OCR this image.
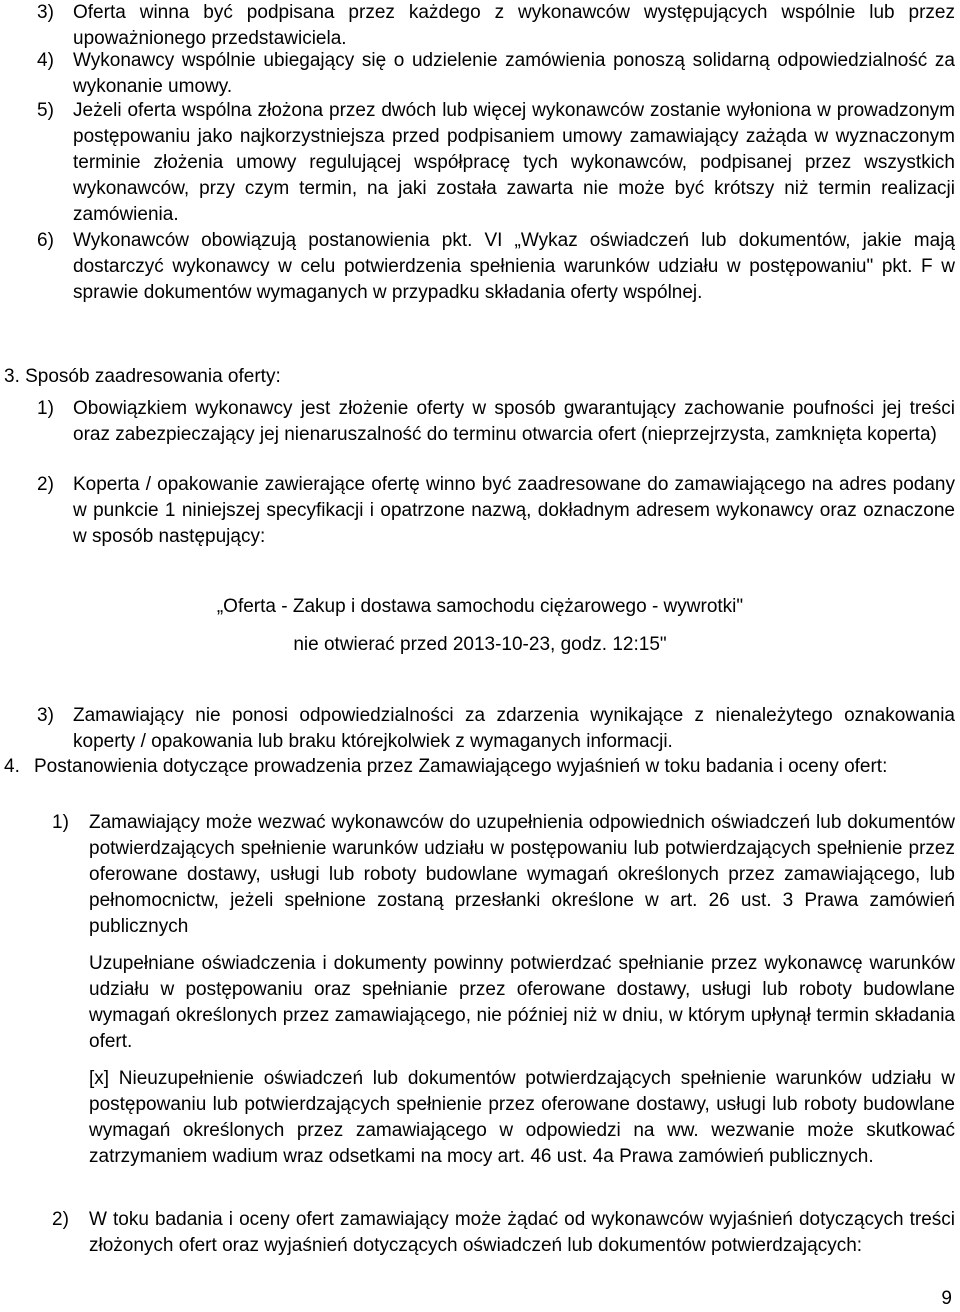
3)	Oferta winna być podpisana przez każdego z wykonawców występujących wspólnie lub przez upoważnionego przedstawiciela.
4)	Wykonawcy wspólnie ubiegający się o udzielenie zamówienia ponoszą solidarną odpowiedzialność za wykonanie umowy.
5)	Jeżeli oferta wspólna złożona przez dwóch lub więcej wykonawców zostanie wyłoniona w prowadzonym postępowaniu jako najkorzystniejsza przed podpisaniem umowy zamawiający zażąda w wyznaczonym terminie złożenia umowy regulującej współpracę tych wykonawców, podpisanej przez wszystkich wykonawców, przy czym termin, na jaki została zawarta nie może być krótszy niż termin realizacji zamówienia.
6)	Wykonawców obowiązują postanowienia pkt. VI „Wykaz oświadczeń lub dokumentów, jakie mają dostarczyć wykonawcy w celu potwierdzenia spełnienia warunków udziału w postępowaniu" pkt. F w sprawie dokumentów wymaganych w przypadku składania oferty wspólnej.
3. Sposób zaadresowania oferty:
1)	Obowiązkiem wykonawcy jest złożenie oferty w sposób gwarantujący zachowanie poufności jej treści oraz zabezpieczający jej nienaruszalność do terminu otwarcia ofert (nieprzejrzysta, zamknięta koperta)
2)	Koperta / opakowanie zawierające ofertę winno być zaadresowane do zamawiającego na adres podany w punkcie 1 niniejszej specyfikacji i opatrzone nazwą, dokładnym adresem wykonawcy oraz oznaczone w sposób następujący:
„Oferta - Zakup i dostawa samochodu ciężarowego - wywrotki"
nie otwierać przed 2013-10-23, godz. 12:15"
3)	Zamawiający nie ponosi odpowiedzialności za zdarzenia wynikające z nienależytego oznakowania koperty / opakowania lub braku którejkolwiek z wymaganych informacji.
4. Postanowienia dotyczące prowadzenia przez Zamawiającego wyjaśnień w toku badania i oceny ofert:
1)	Zamawiający może wezwać wykonawców do uzupełnienia odpowiednich oświadczeń lub dokumentów potwierdzających spełnienie warunków udziału w postępowaniu lub potwierdzających spełnienie przez oferowane dostawy, usługi lub roboty budowlane wymagań określonych przez zamawiającego, lub pełnomocnictw, jeżeli spełnione zostaną przesłanki określone w art. 26 ust. 3 Prawa zamówień publicznych
Uzupełniane oświadczenia i dokumenty powinny potwierdzać spełnianie przez wykonawcę warunków udziału w postępowaniu oraz spełnianie przez oferowane dostawy, usługi lub roboty budowlane wymagań określonych przez zamawiającego, nie później niż w dniu, w którym upłynął termin składania ofert.
[x] Nieuzupełnienie oświadczeń lub dokumentów potwierdzających spełnienie warunków udziału w postępowaniu lub potwierdzających spełnienie przez oferowane dostawy, usługi lub roboty budowlane wymagań określonych przez zamawiającego w odpowiedzi na ww. wezwanie może skutkować zatrzymaniem wadium wraz odsetkami na mocy art. 46 ust. 4a Prawa zamówień publicznych.
2)	W toku badania i oceny ofert zamawiający może żądać od wykonawców wyjaśnień dotyczących treści złożonych ofert oraz wyjaśnień dotyczących oświadczeń lub dokumentów potwierdzających:
9
